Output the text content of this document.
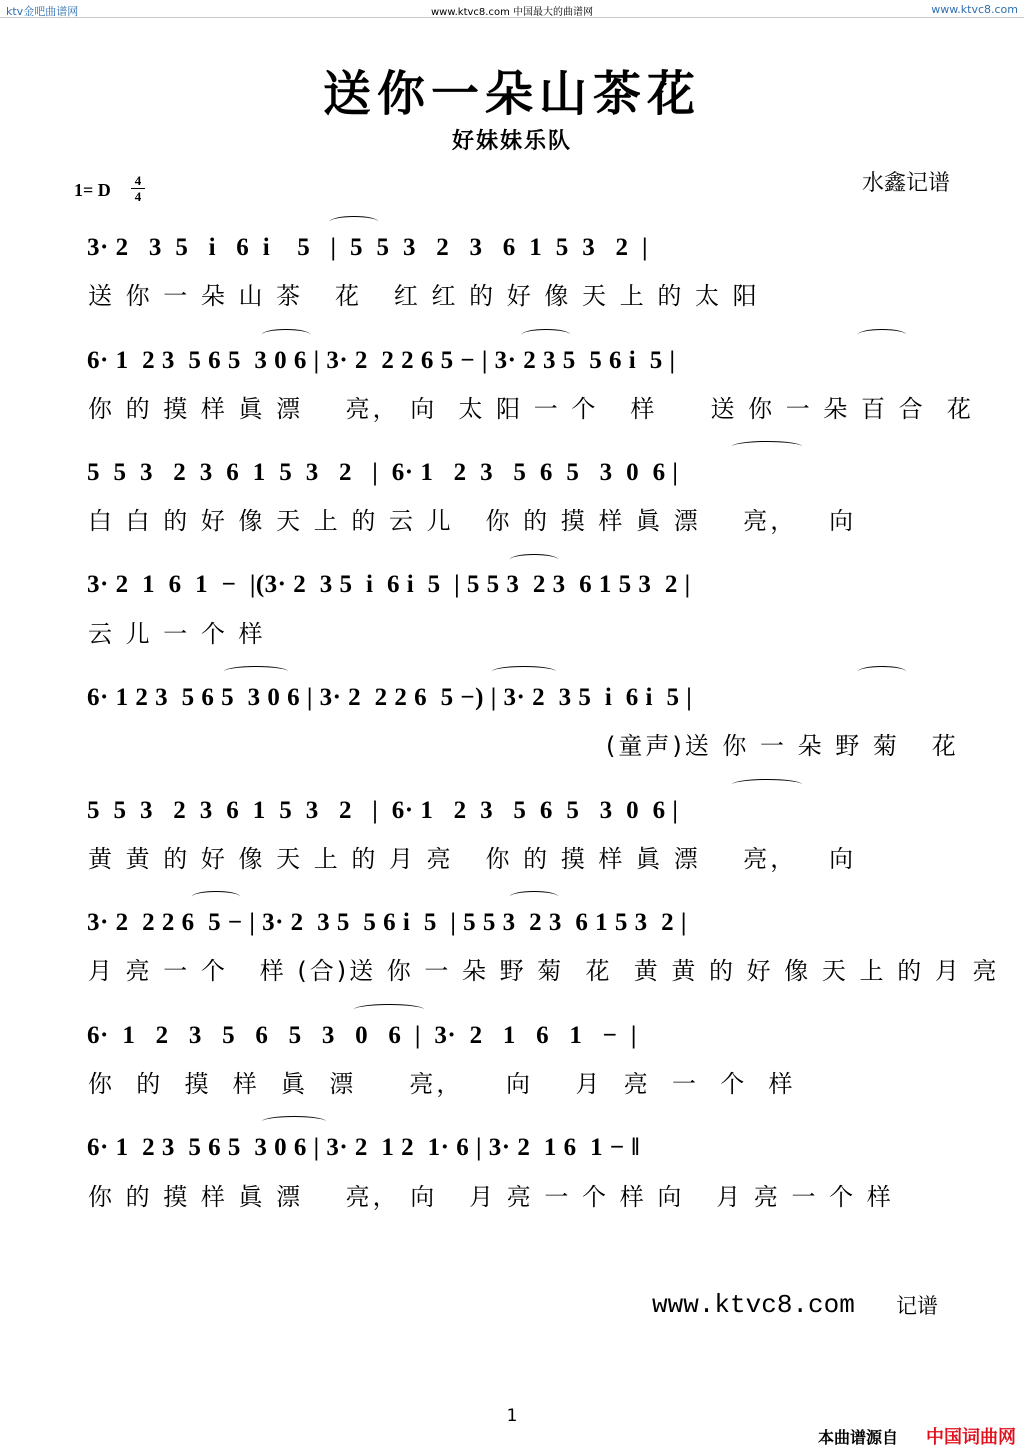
ktv金吧曲谱网	www.ktvc8.com 中国最大的曲谱网	www.ktvc8.com
送你一朵山茶花
好妹妹乐队
水鑫记谱
1= D 4
4
3· 2   3  5   i   6  i    5   |  5  5  3   2   3   6  1  5  3   2  |
送 你 一 朵 山 茶   花   红 红 的 好 像 天 上 的 太 阳
6· 1  2 3  5 6 5  3 0 6 | 3· 2  2 2 6 5 − | 3· 2 3 5  5 6 i  5 |
你 的 摸 样 眞 漂    亮， 向  太 阳 一 个   样     送 你 一 朵 百 合  花
5  5  3   2  3  6  1  5  3   2   |  6· 1   2  3   5  6  5   3  0  6 |
白 白 的 好 像 天 上 的 云 儿   你 的 摸 样 眞 漂    亮，   向
3· 2  1  6  1  −  |(3· 2  3 5  i  6 i  5  | 5 5 3  2 3  6 1 5 3  2 |
云 儿 一 个 样
6· 1 2 3  5 6 5  3 0 6 | 3· 2  2 2 6  5 −) | 3· 2  3 5  i  6 i  5 |
(童声)送 你 一 朵 野 菊   花
5  5  3   2  3  6  1  5  3   2   |  6· 1   2  3   5  6  5   3  0  6 |
黄 黄 的 好 像 天 上 的 月 亮   你 的 摸 样 眞 漂    亮，   向
3· 2  2 2 6  5 − | 3· 2  3 5  5 6 i  5  | 5 5 3  2 3  6 1 5 3  2 |
月 亮 一 个   样 (合)送 你 一 朵 野 菊  花  黄 黄 的 好 像 天 上 的 月 亮
6·  1   2   3   5   6   5   3   0   6  |  3·  2   1   6   1   −  |
你  的  摸  样  眞  漂     亮，    向    月  亮  一  个  样
6· 1  2 3  5 6 5  3 0 6 | 3· 2  1 2  1· 6 | 3· 2  1 6  1 − ‖
你 的 摸 样 眞 漂    亮， 向   月 亮 一 个 样 向   月 亮 一 个 样
www.ktvc8.com 记谱
1
本曲谱源自 中国词曲网
